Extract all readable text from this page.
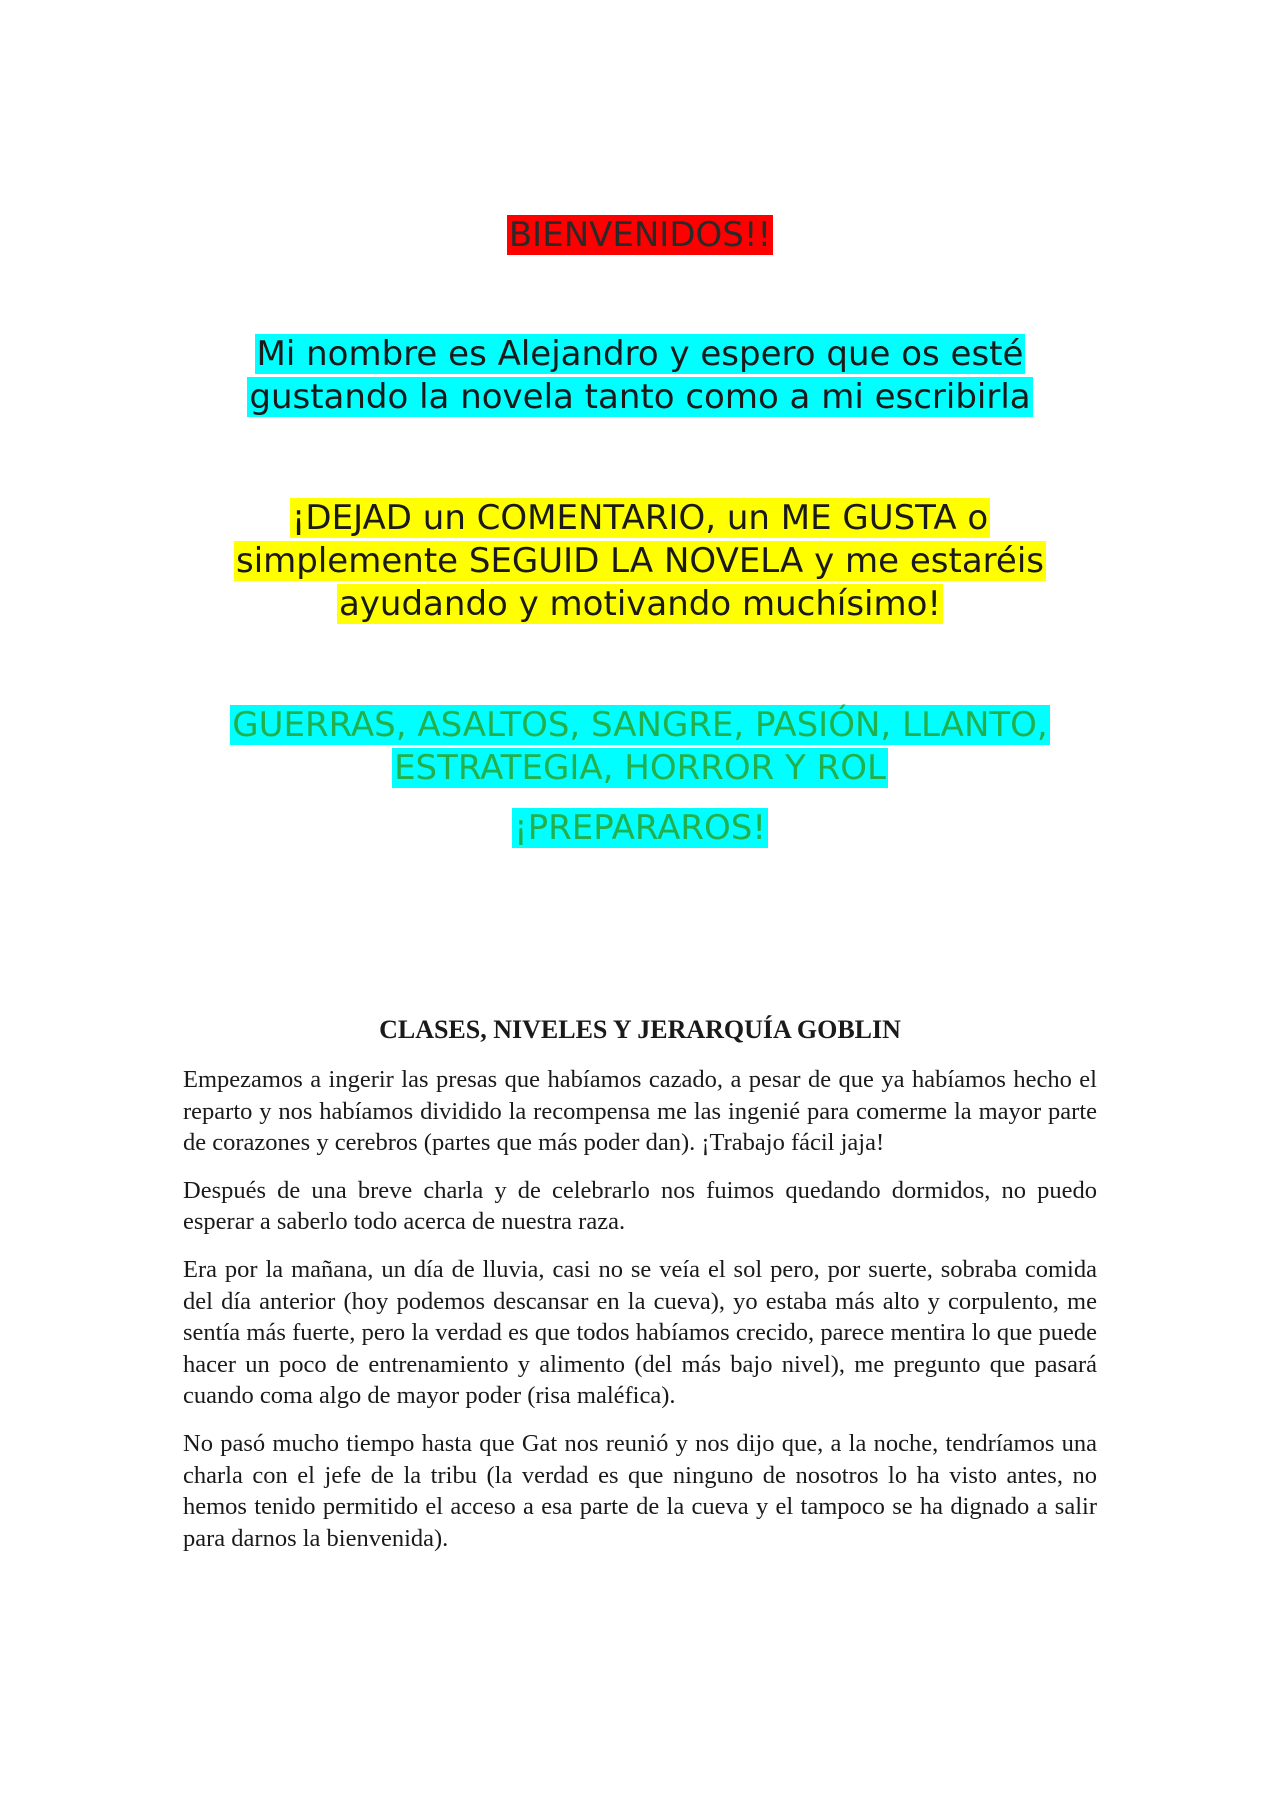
BIENVENIDOS!!
Mi nombre es Alejandro y espero que os esté gustando la novela tanto como a mi escribirla
¡DEJAD un COMENTARIO, un ME GUSTA o simplemente SEGUID LA NOVELA y me estaréis ayudando y motivando muchísimo!
GUERRAS, ASALTOS, SANGRE, PASIÓN, LLANTO, ESTRATEGIA, HORROR Y ROL
¡PREPARAROS!
CLASES, NIVELES Y JERARQUÍA GOBLIN

Empezamos a ingerir las presas que habíamos cazado, a pesar de que ya habíamos hecho el reparto y nos habíamos dividido la recompensa me las ingenié para comerme la mayor parte de corazones y cerebros (partes que más poder dan). ¡Trabajo fácil jaja!

Después de una breve charla y de celebrarlo nos fuimos quedando dormidos, no puedo esperar a saberlo todo acerca de nuestra raza.

Era por la mañana, un día de lluvia, casi no se veía el sol pero, por suerte, sobraba comida del día anterior (hoy podemos descansar en la cueva), yo estaba más alto y corpulento, me sentía más fuerte, pero la verdad es que todos habíamos crecido, parece mentira lo que puede hacer un poco de entrenamiento y alimento (del más bajo nivel), me pregunto que pasará cuando coma algo de mayor poder (risa maléfica).

No pasó mucho tiempo hasta que Gat nos reunió y nos dijo que, a la noche, tendríamos una charla con el jefe de la tribu (la verdad es que ninguno de nosotros lo ha visto antes, no hemos tenido permitido el acceso a esa parte de la cueva y el tampoco se ha dignado a salir para darnos la bienvenida).
